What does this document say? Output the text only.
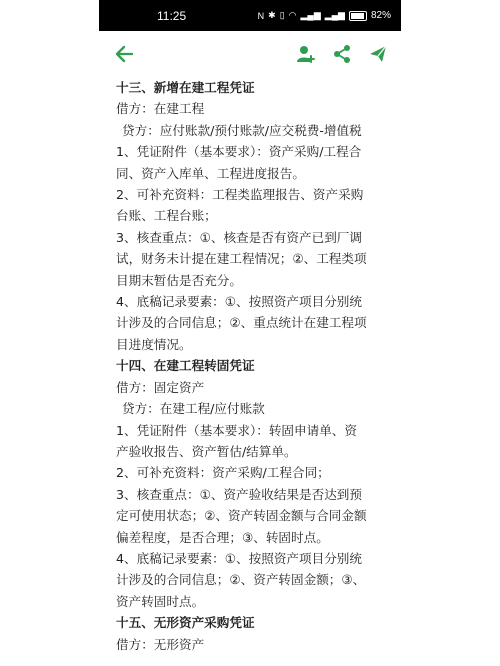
11:25	N ✱ ▯ ◠ ▂▄▆ ▂▄▆	82%
十三、新增在建工程凭证
借方：在建工程
贷方：应付账款/预付账款/应交税费-增值税
1、凭证附件（基本要求）：资产采购/工程合
同、资产入库单、工程进度报告。
2、可补充资料：工程类监理报告、资产采购
台账、工程台账；
3、核查重点：①、核查是否有资产已到厂调
试，财务未计提在建工程情况；②、工程类项
目期末暂估是否充分。
4、底稿记录要素：①、按照资产项目分别统
计涉及的合同信息；②、重点统计在建工程项
目进度情况。
十四、在建工程转固凭证
借方：固定资产
贷方：在建工程/应付账款
1、凭证附件（基本要求）：转固申请单、资
产验收报告、资产暂估/结算单。
2、可补充资料：资产采购/工程合同；
3、核查重点：①、资产验收结果是否达到预
定可使用状态；②、资产转固金额与合同金额
偏差程度，是否合理；③、转固时点。
4、底稿记录要素：①、按照资产项目分别统
计涉及的合同信息；②、资产转固金额；③、
资产转固时点。
十五、无形资产采购凭证
借方：无形资产
